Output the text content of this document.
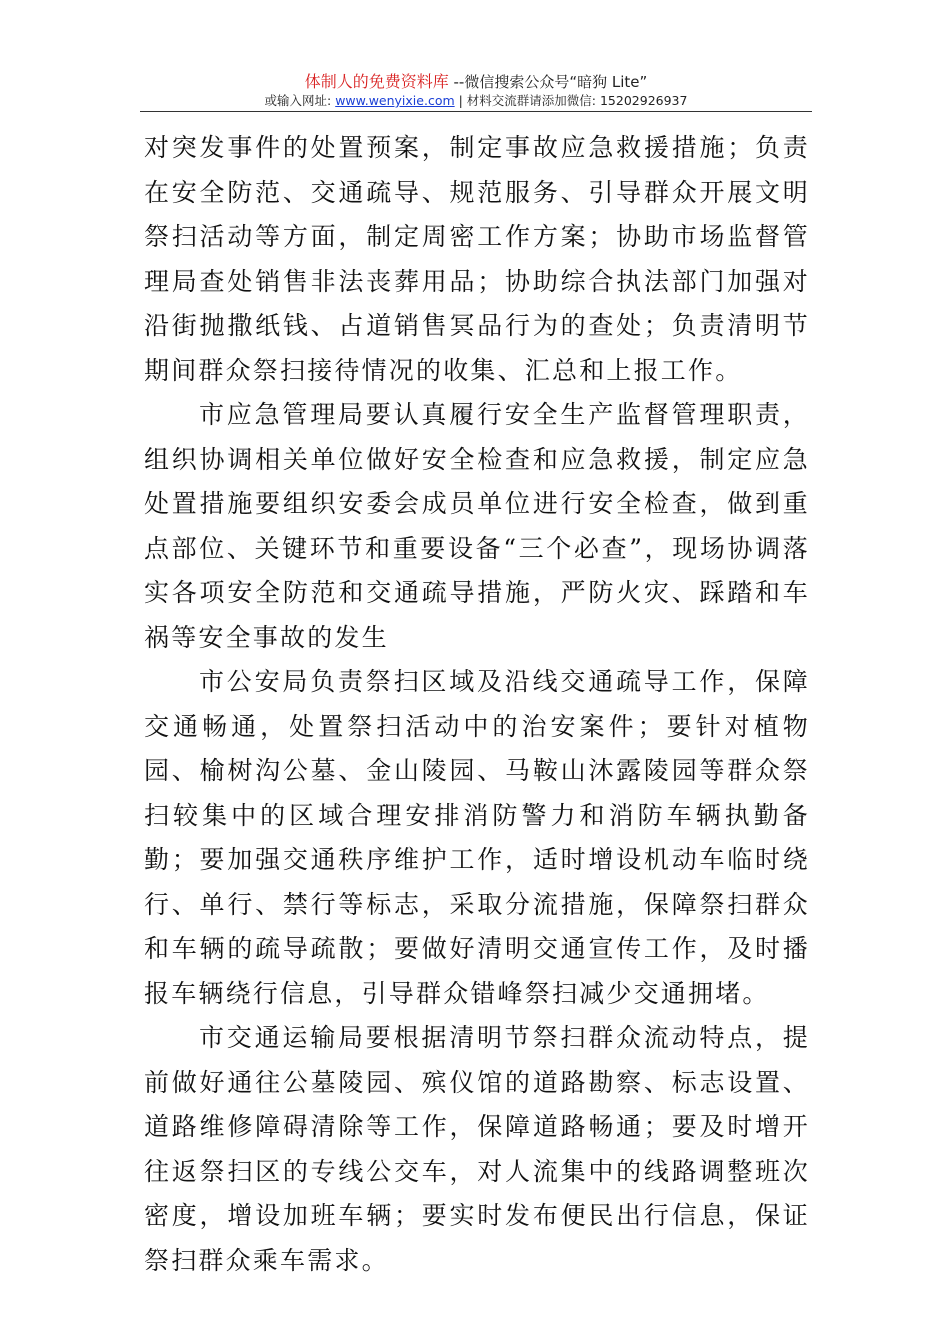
体制人的免费资料库 --微信搜索公众号“暗狗 Lite”
或输入网址: www.wenyixie.com | 材料交流群请添加微信: 15202926937

对突发事件的处置预案，制定事故应急救援措施；负责在安全防范、交通疏导、规范服务、引导群众开展文明祭扫活动等方面，制定周密工作方案；协助市场监督管理局查处销售非法丧葬用品；协助综合执法部门加强对沿街抛撒纸钱、占道销售冥品行为的查处；负责清明节期间群众祭扫接待情况的收集、汇总和上报工作。

市应急管理局要认真履行安全生产监督管理职责，组织协调相关单位做好安全检查和应急救援，制定应急处置措施要组织安委会成员单位进行安全检查，做到重点部位、关键环节和重要设备“三个必查”，现场协调落实各项安全防范和交通疏导措施，严防火灾、踩踏和车祸等安全事故的发生

市公安局负责祭扫区域及沿线交通疏导工作，保障交通畅通，处置祭扫活动中的治安案件；要针对植物园、榆树沟公墓、金山陵园、马鞍山沐露陵园等群众祭扫较集中的区域合理安排消防警力和消防车辆执勤备勤；要加强交通秩序维护工作，适时增设机动车临时绕行、单行、禁行等标志，采取分流措施，保障祭扫群众和车辆的疏导疏散；要做好清明交通宣传工作，及时播报车辆绕行信息，引导群众错峰祭扫减少交通拥堵。

市交通运输局要根据清明节祭扫群众流动特点，提前做好通往公墓陵园、殡仪馆的道路勘察、标志设置、道路维修障碍清除等工作，保障道路畅通；要及时增开往返祭扫区的专线公交车，对人流集中的线路调整班次密度，增设加班车辆；要实时发布便民出行信息，保证祭扫群众乘车需求。
